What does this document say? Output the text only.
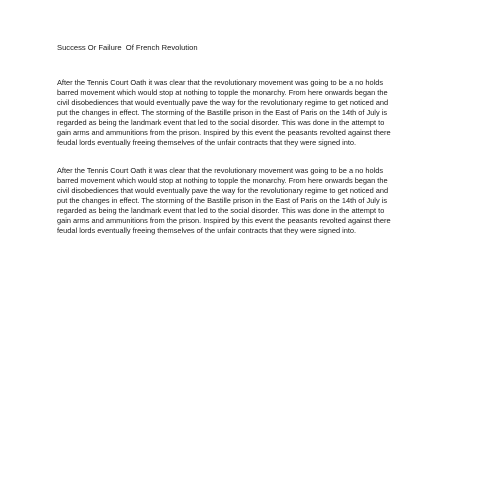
Success Or Failure  Of French Revolution

After the Tennis Court Oath it was clear that the revolutionary movement was going to be a no holds
barred movement which would stop at nothing to topple the monarchy. From here onwards began the
civil disobediences that would eventually pave the way for the revolutionary regime to get noticed and
put the changes in effect. The storming of the Bastille prison in the East of Paris on the 14th of July is
regarded as being the landmark event that led to the social disorder. This was done in the attempt to
gain arms and ammunitions from the prison. Inspired by this event the peasants revolted against there
feudal lords eventually freeing themselves of the unfair contracts that they were signed into.

After the Tennis Court Oath it was clear that the revolutionary movement was going to be a no holds
barred movement which would stop at nothing to topple the monarchy. From here onwards began the
civil disobediences that would eventually pave the way for the revolutionary regime to get noticed and
put the changes in effect. The storming of the Bastille prison in the East of Paris on the 14th of July is
regarded as being the landmark event that led to the social disorder. This was done in the attempt to
gain arms and ammunitions from the prison. Inspired by this event the peasants revolted against there
feudal lords eventually freeing themselves of the unfair contracts that they were signed into.
